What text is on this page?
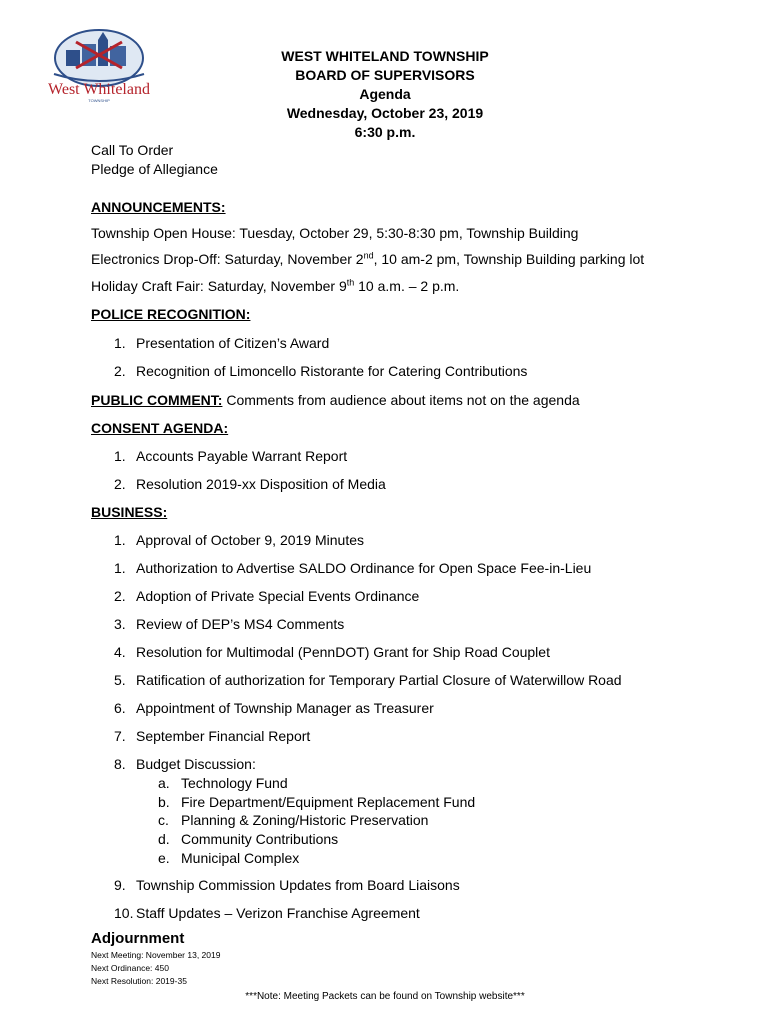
West Whiteland
TOWNSHIP
WEST WHITELAND TOWNSHIP
BOARD OF SUPERVISORS
Agenda
Wednesday, October 23, 2019
6:30 p.m.
Call To Order
Pledge of Allegiance
ANNOUNCEMENTS:
Township Open House: Tuesday, October 29, 5:30-8:30 pm, Township Building
Electronics Drop-Off: Saturday, November 2nd, 10 am-2 pm, Township Building parking lot
Holiday Craft Fair: Saturday, November 9th 10 a.m. – 2 p.m.
POLICE RECOGNITION:
1. Presentation of Citizen’s Award
2. Recognition of Limoncello Ristorante for Catering Contributions
PUBLIC COMMENT: Comments from audience about items not on the agenda
CONSENT AGENDA:
1. Accounts Payable Warrant Report
2. Resolution 2019-xx Disposition of Media
BUSINESS:
1. Approval of October 9, 2019 Minutes
1. Authorization to Advertise SALDO Ordinance for Open Space Fee-in-Lieu
2. Adoption of Private Special Events Ordinance
3. Review of DEP’s MS4 Comments
4. Resolution for Multimodal (PennDOT) Grant for Ship Road Couplet
5. Ratification of authorization for Temporary Partial Closure of Waterwillow Road
6. Appointment of Township Manager as Treasurer
7. September Financial Report
8. Budget Discussion:
a. Technology Fund
b. Fire Department/Equipment Replacement Fund
c. Planning & Zoning/Historic Preservation
d. Community Contributions
e. Municipal Complex
9. Township Commission Updates from Board Liaisons
10. Staff Updates – Verizon Franchise Agreement
Adjournment
Next Meeting: November 13, 2019
Next Ordinance: 450
Next Resolution: 2019-35
***Note: Meeting Packets can be found on Township website***
